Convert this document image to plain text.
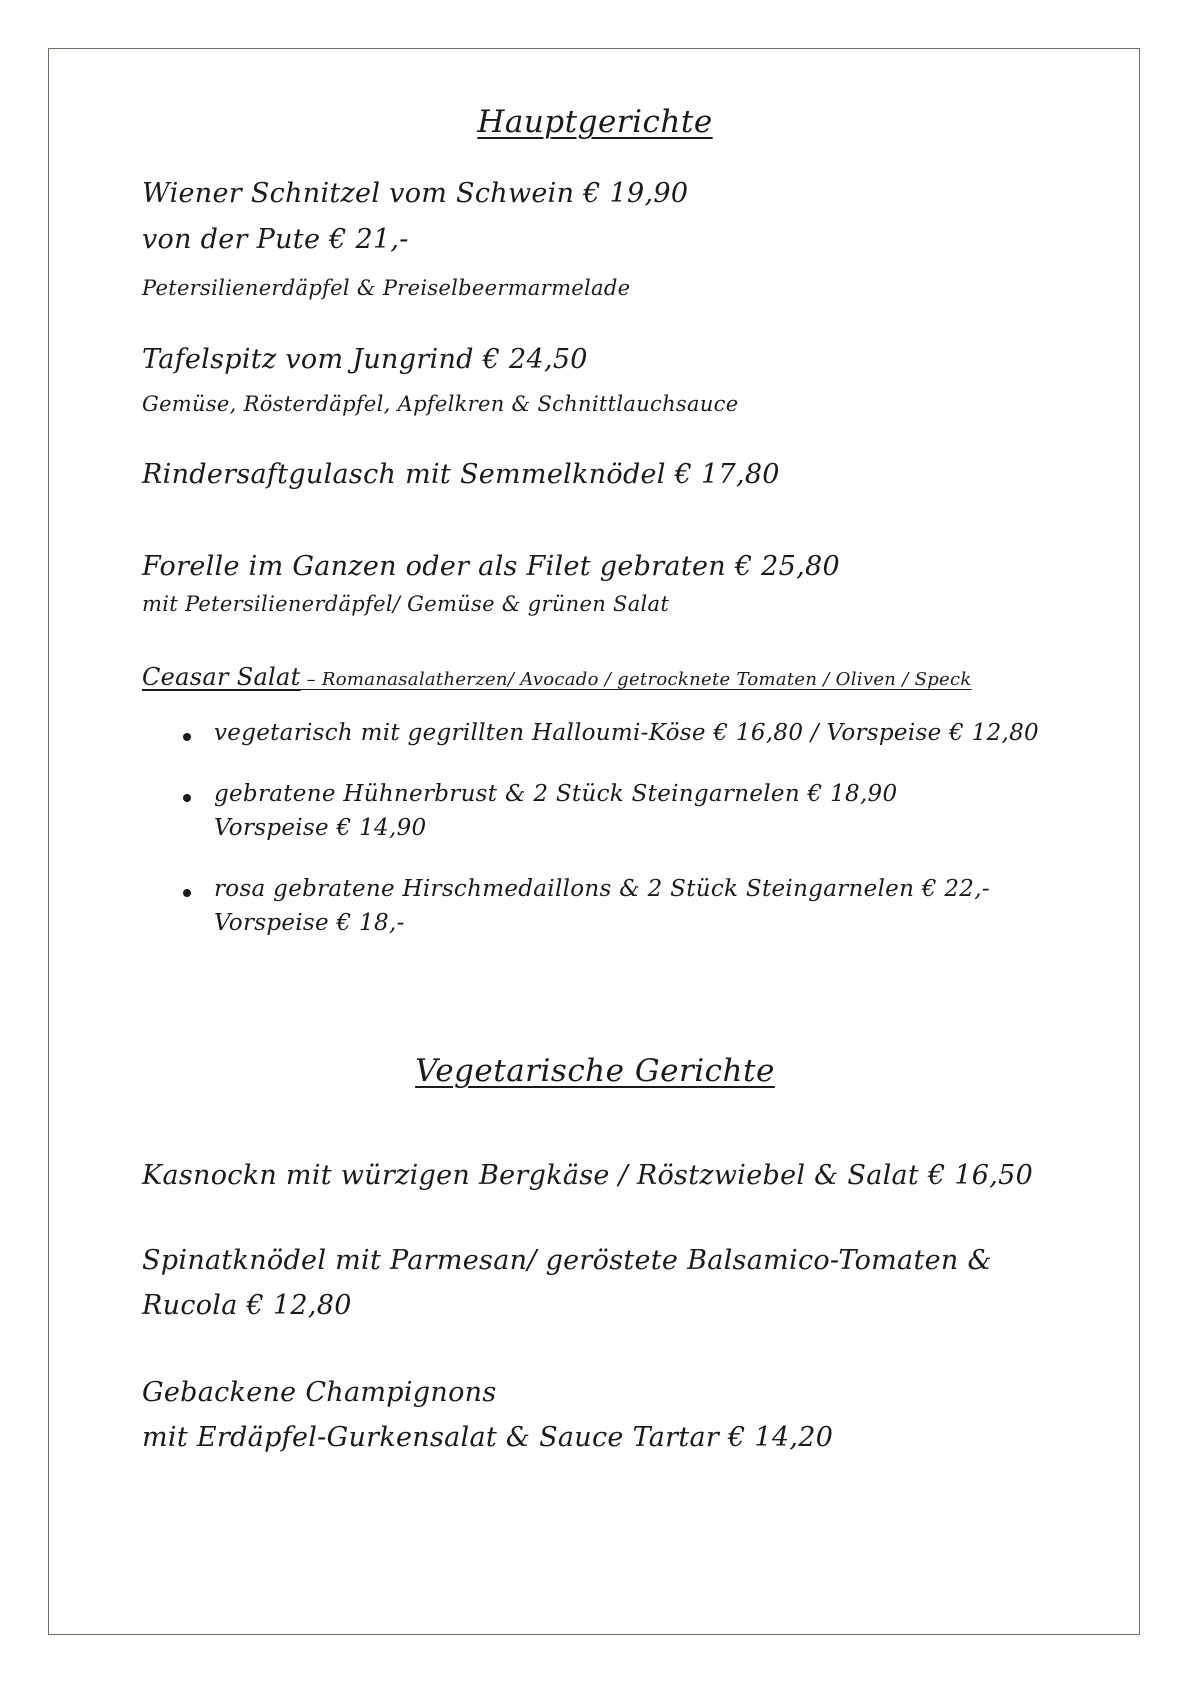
Hauptgerichte
Wiener Schnitzel vom Schwein € 19,90
von der Pute € 21,-
Petersilienerdäpfel & Preiselbeermarmelade
Tafelspitz vom Jungrind € 24,50
Gemüse, Rösterdäpfel, Apfelkren & Schnittlauchsauce
Rindersaftgulasch mit Semmelknödel € 17,80
Forelle im Ganzen oder als Filet gebraten € 25,80
mit Petersilienerdäpfel/ Gemüse & grünen Salat
Ceasar Salat – Romanasalatherzen/ Avocado / getrocknete Tomaten / Oliven / Speck
vegetarisch mit gegrillten Halloumi-Köse € 16,80 / Vorspeise € 12,80
gebratene Hühnerbrust & 2 Stück Steingarnelen € 18,90
Vorspeise € 14,90
rosa gebratene Hirschmedaillons & 2 Stück Steingarnelen € 22,-
Vorspeise € 18,-
Vegetarische Gerichte
Kasnockn mit würzigen Bergkäse / Röstzwiebel & Salat € 16,50
Spinatknödel mit Parmesan/ geröstete Balsamico-Tomaten &
Rucola € 12,80
Gebackene Champignons
mit Erdäpfel-Gurkensalat & Sauce Tartar € 14,20
